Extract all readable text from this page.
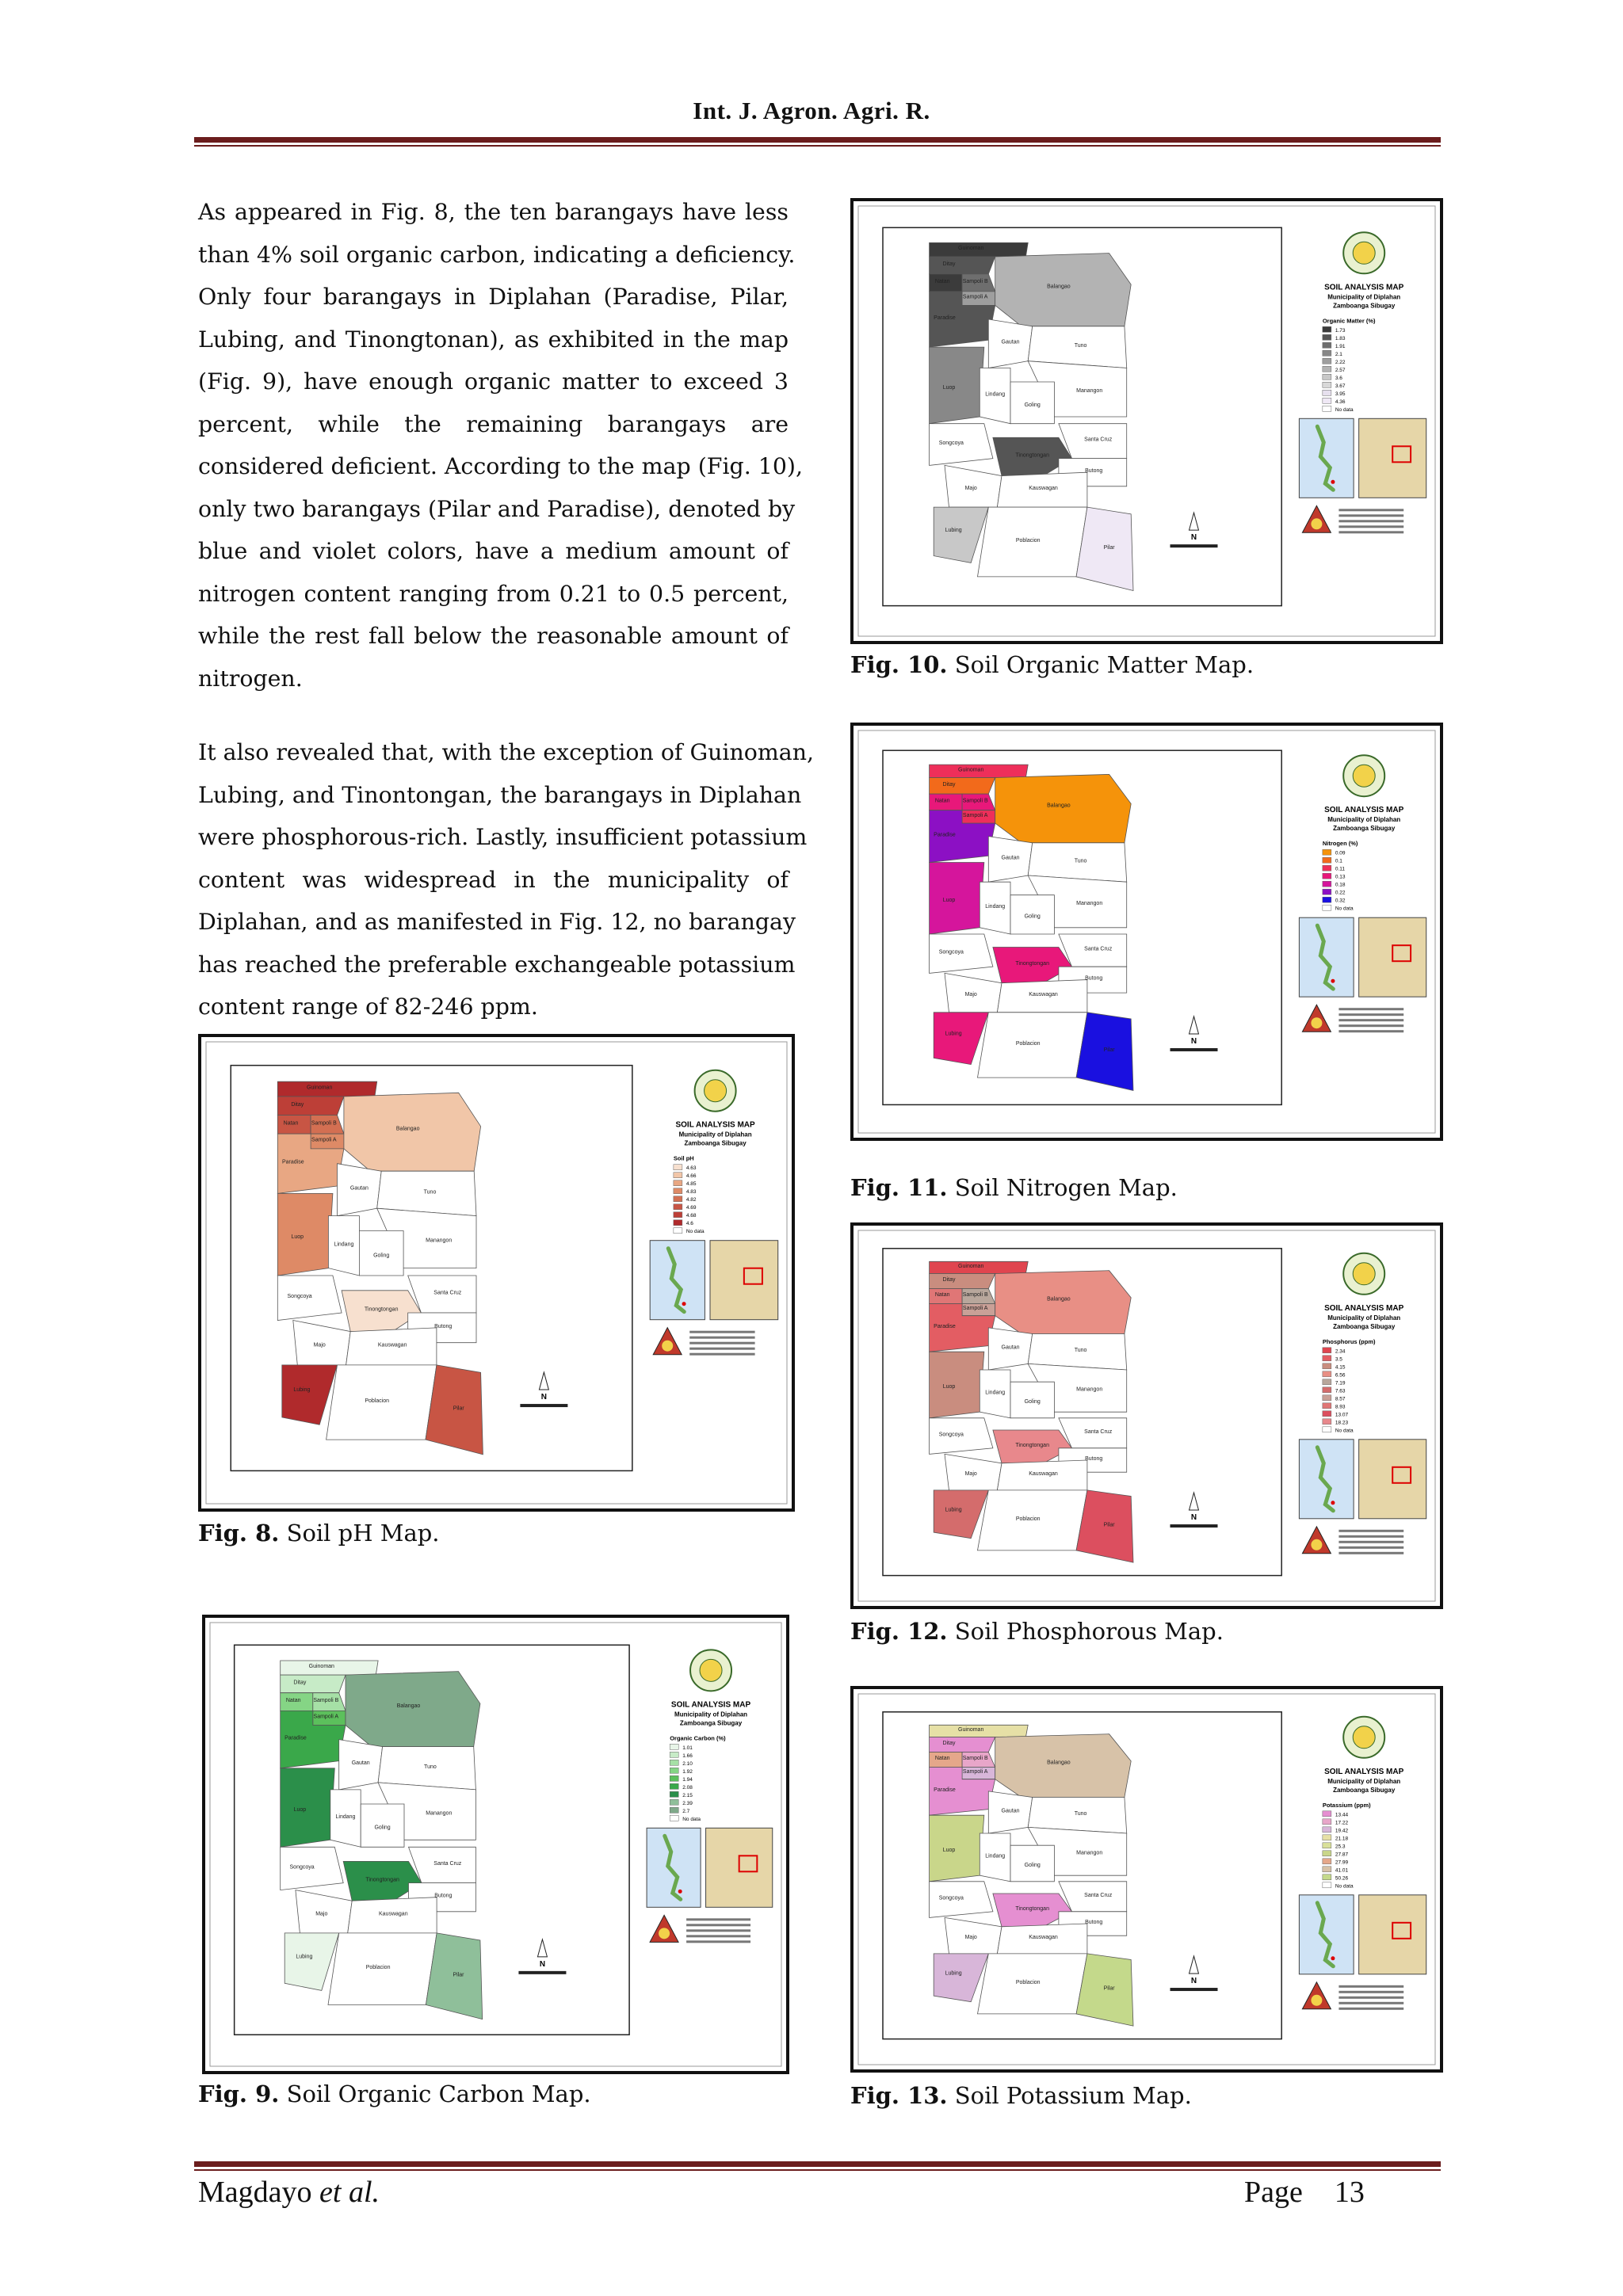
Int. J. Agron. Agri. R.
As appeared in Fig. 8, the ten barangays have less
than 4% soil organic carbon, indicating a deficiency.
Only four barangays in Diplahan (Paradise, Pilar,
Lubing, and Tinongtonan), as exhibited in the map
(Fig. 9), have enough organic matter to exceed 3
percent, while the remaining barangays are
considered deficient. According to the map (Fig. 10),
only two barangays (Pilar and Paradise), denoted by
blue and violet colors, have a medium amount of
nitrogen content ranging from 0.21 to 0.5 percent,
while the rest fall below the reasonable amount of
nitrogen.
It also revealed that, with the exception of Guinoman,
Lubing, and Tinontongan, the barangays in Diplahan
were phosphorous-rich. Lastly, insufficient potassium
content was widespread in the municipality of
Diplahan, and as manifested in Fig. 12, no barangay
has reached the preferable exchangeable potassium
content range of 82-246 ppm.
Guinoman
Ditay
Natan Sampoli B
Sampoli A
Balangao
Paradise
Gautan
Tuno
Luop
Lindang
Manangon
Goling
Songcoya
Tinongtongan
Santa Cruz
Butong
Majo	Kauswagan
Lubing
Poblacion
Pilar
N
SOIL ANALYSIS MAP
Municipality of Diplahan
Zamboanga Sibugay
Soil pH
4.63
4.66
4.85
4.83
4.82
4.69
4.68
4.6
No data
Fig. 8. Soil pH Map.
Guinoman
Ditay
Natan Sampoli B
Sampoli A
Balangao
Paradise
Gautan
Tuno
Luop
Lindang
Manangon
Goling
Songcoya
Tinongtongan
Santa Cruz
Butong
Majo	Kauswagan
Lubing
Poblacion
Pilar
N
SOIL ANALYSIS MAP
Municipality of Diplahan
Zamboanga Sibugay
Organic Carbon (%)
1.01
1.66
2.10
1.92
1.94
2.08
2.15
2.39
2.7
No data
Fig. 9. Soil Organic Carbon Map.
Guinoman
Ditay
Natan Sampoli B
Sampoli A
Balangao
Paradise
Gautan
Tuno
Luop
Lindang
Manangon
Goling
Songcoya
Tinongtongan
Santa Cruz
Butong
Majo	Kauswagan
Lubing
Poblacion
Pilar
N
SOIL ANALYSIS MAP
Municipality of Diplahan
Zamboanga Sibugay
Organic Matter (%)
1.73
1.83
1.91
2.1
2.22
2.57
3.6
3.67
3.95
4.36
No data
Fig. 10. Soil Organic Matter Map.
Guinoman
Ditay
Natan Sampoli B
Sampoli A
Balangao
Paradise
Gautan
Tuno
Luop
Lindang
Manangon
Goling
Songcoya
Tinongtongan
Santa Cruz
Butong
Majo	Kauswagan
Lubing
Poblacion
Pilar
N
SOIL ANALYSIS MAP
Municipality of Diplahan
Zamboanga Sibugay
Nitrogen (%)
0.09
0.1
0.11
0.13
0.18
0.22
0.32
No data
Fig. 11. Soil Nitrogen Map.
Guinoman
Ditay
Natan Sampoli B
Sampoli A
Balangao
Paradise
Gautan
Tuno
Luop
Lindang
Manangon
Goling
Songcoya
Tinongtongan
Santa Cruz
Butong
Majo	Kauswagan
Lubing
Poblacion
Pilar
N
SOIL ANALYSIS MAP
Municipality of Diplahan
Zamboanga Sibugay
Phosphorus (ppm)
2.34
3.5
4.15
6.56
7.19
7.63
8.57
8.93
13.07
18.23
No data
Fig. 12. Soil Phosphorous Map.
Guinoman
Ditay
Natan Sampoli B
Sampoli A
Balangao
Paradise
Gautan
Tuno
Luop
Lindang
Manangon
Goling
Songcoya
Tinongtongan
Santa Cruz
Butong
Majo	Kauswagan
Lubing
Poblacion
Pilar
N
SOIL ANALYSIS MAP
Municipality of Diplahan
Zamboanga Sibugay
Potassium (ppm)
13.44
17.22
19.42
21.18
25.3
27.87
27.99
41.01
50.26
No data
Fig. 13. Soil Potassium Map.
Magdayo et al.	Page 13
